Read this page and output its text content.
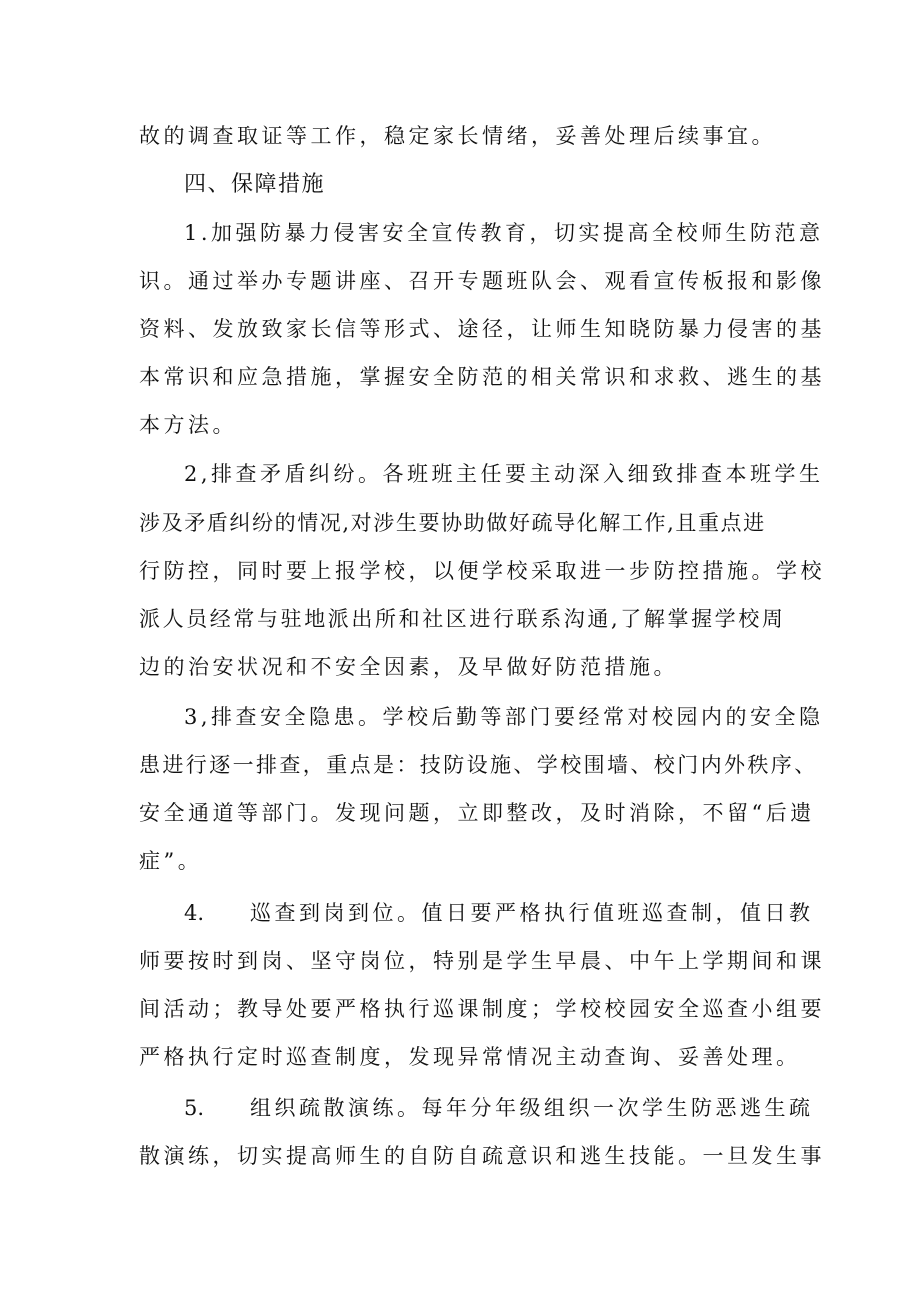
故的调查取证等工作，稳定家长情绪，妥善处理后续事宜。
四、保障措施
1.加强防暴力侵害安全宣传教育，切实提高全校师生防范意
识。通过举办专题讲座、召开专题班队会、观看宣传板报和影像
资料、发放致家长信等形式、途径，让师生知晓防暴力侵害的基
本常识和应急措施，掌握安全防范的相关常识和求救、逃生的基
本方法。
2,排查矛盾纠纷。各班班主任要主动深入细致排查本班学生
涉及矛盾纠纷的情况,对涉生要协助做好疏导化解工作,且重点进
行防控，同时要上报学校，以便学校采取进一步防控措施。学校
派人员经常与驻地派出所和社区进行联系沟通,了解掌握学校周
边的治安状况和不安全因素，及早做好防范措施。
3,排查安全隐患。学校后勤等部门要经常对校园内的安全隐
患进行逐一排查，重点是：技防设施、学校围墙、校门内外秩序、
安全通道等部门。发现问题，立即整改，及时消除，不留“后遗
症”。
4. 巡查到岗到位。值日要严格执行值班巡查制，值日教
师要按时到岗、坚守岗位，特别是学生早晨、中午上学期间和课
间活动；教导处要严格执行巡课制度；学校校园安全巡查小组要
严格执行定时巡查制度，发现异常情况主动查询、妥善处理。
5. 组织疏散演练。每年分年级组织一次学生防恶逃生疏
散演练，切实提高师生的自防自疏意识和逃生技能。一旦发生事
